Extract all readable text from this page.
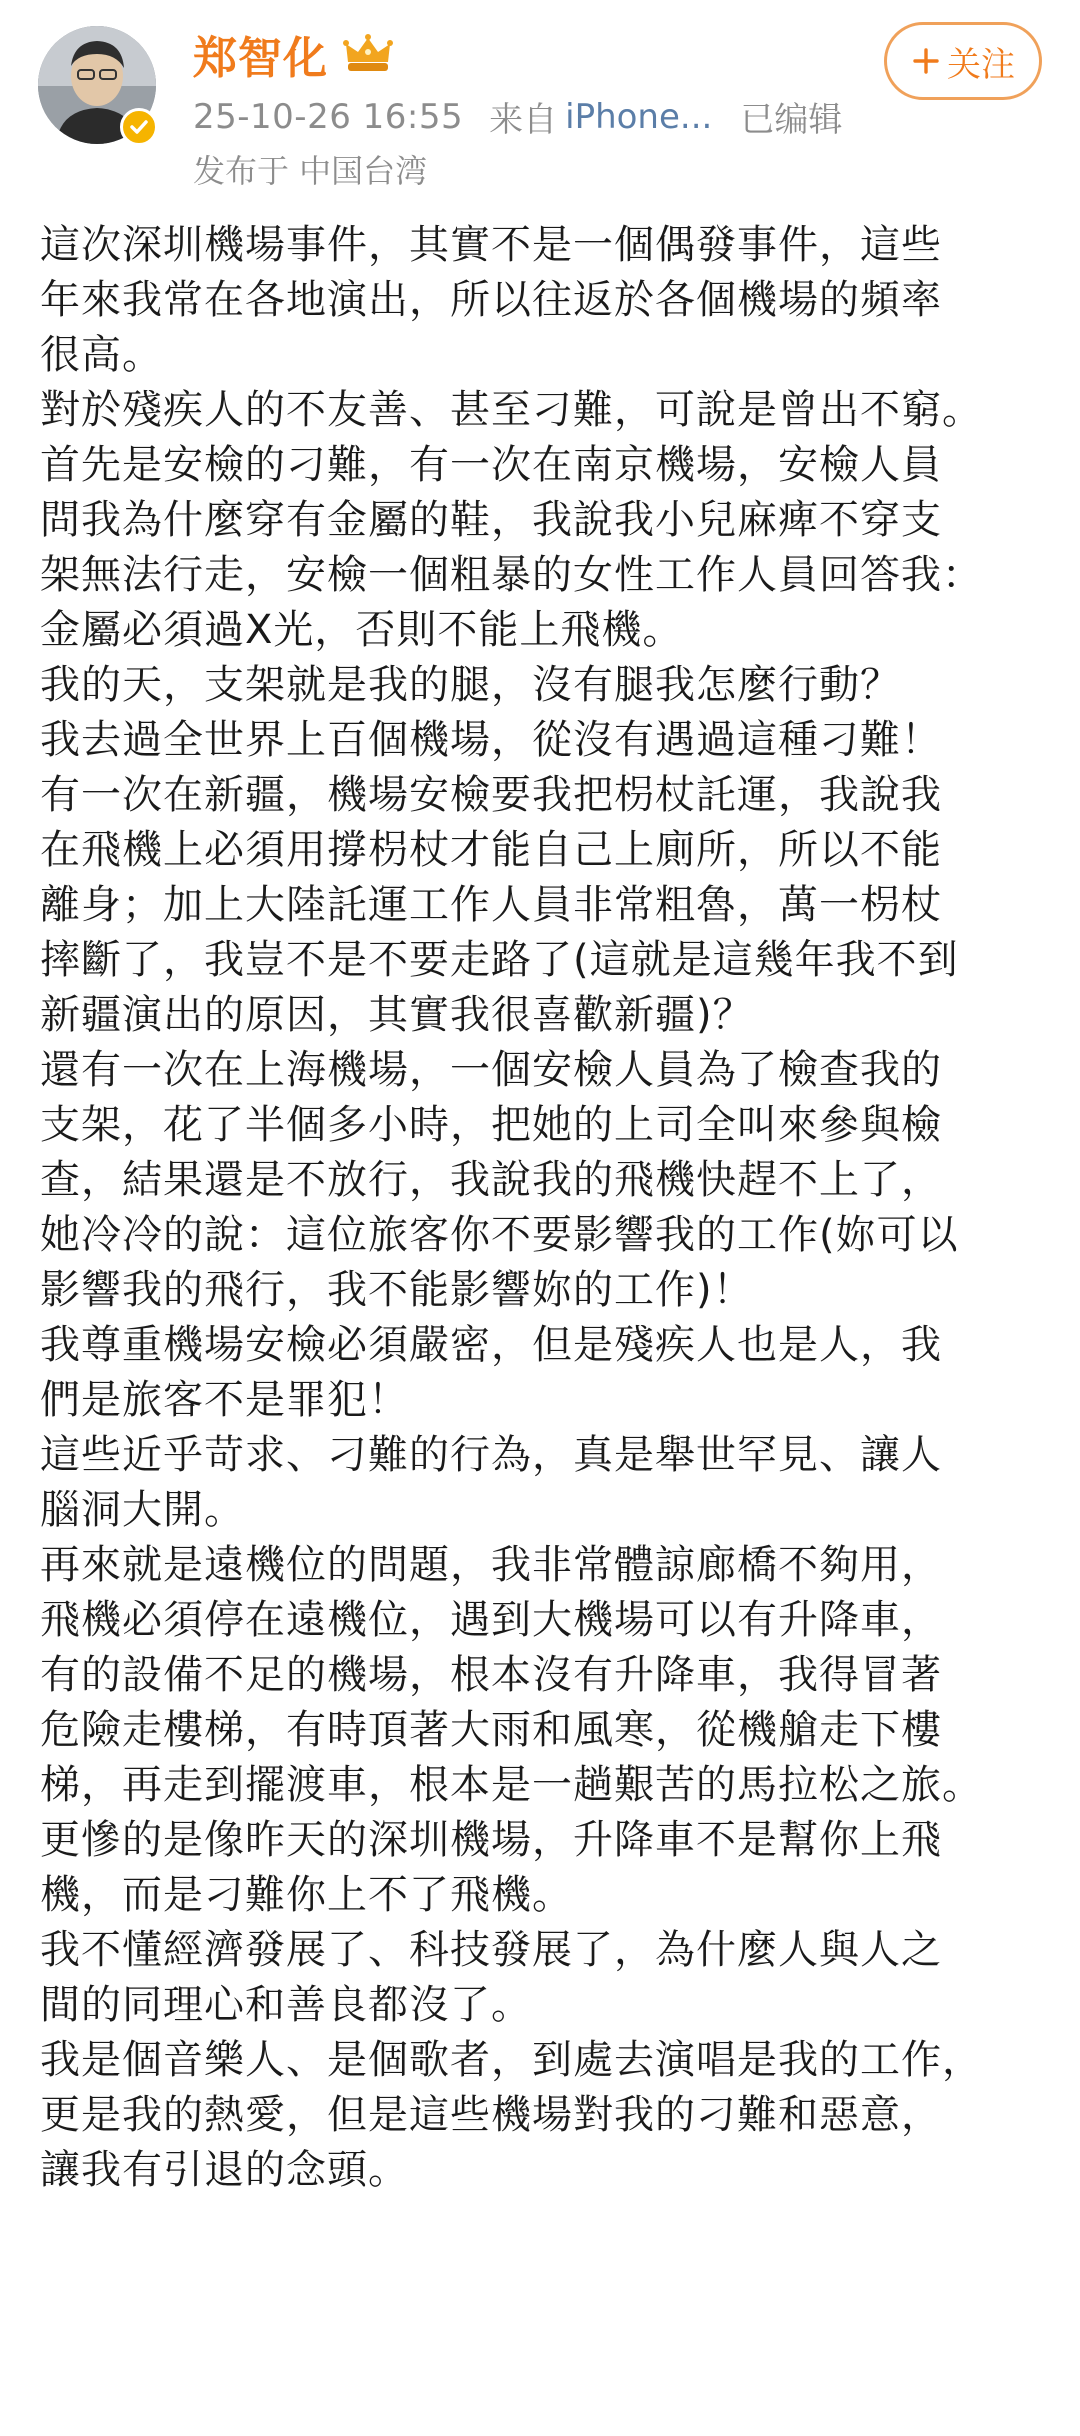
郑智化
25-10-26 16:55 来自 iPhone... 已编辑
发布于 中国台湾
关注

這次深圳機場事件，其實不是一個偶發事件，這些
年來我常在各地演出，所以往返於各個機場的頻率
很高。

對於殘疾人的不友善、甚至刁難，可說是曾出不窮。

首先是安檢的刁難，有一次在南京機場，安檢人員
問我為什麼穿有金屬的鞋，我說我小兒麻痺不穿支
架無法行走，安檢一個粗暴的女性工作人員回答我：
金屬必須過X光，否則不能上飛機。

我的天，支架就是我的腿，沒有腿我怎麼行動？

我去過全世界上百個機場，從沒有遇過這種刁難！

有一次在新疆，機場安檢要我把枴杖託運，我說我
在飛機上必須用撐枴杖才能自己上廁所，所以不能
離身；加上大陸託運工作人員非常粗魯，萬一枴杖
摔斷了，我豈不是不要走路了(這就是這幾年我不到
新疆演出的原因，其實我很喜歡新疆)？

還有一次在上海機場，一個安檢人員為了檢查我的
支架，花了半個多小時，把她的上司全叫來參與檢
查，結果還是不放行，我說我的飛機快趕不上了，
她冷冷的說：這位旅客你不要影響我的工作(妳可以
影響我的飛行，我不能影響妳的工作)！

我尊重機場安檢必須嚴密，但是殘疾人也是人，我
們是旅客不是罪犯！

這些近乎苛求、刁難的行為，真是舉世罕見、讓人
腦洞大開。

再來就是遠機位的問題，我非常體諒廊橋不夠用，
飛機必須停在遠機位，遇到大機場可以有升降車，
有的設備不足的機場，根本沒有升降車，我得冒著
危險走樓梯，有時頂著大雨和風寒，從機艙走下樓
梯，再走到擺渡車，根本是一趟艱苦的馬拉松之旅。

更慘的是像昨天的深圳機場，升降車不是幫你上飛
機，而是刁難你上不了飛機。

我不懂經濟發展了、科技發展了，為什麼人與人之
間的同理心和善良都沒了。

我是個音樂人、是個歌者，到處去演唱是我的工作，
更是我的熱愛，但是這些機場對我的刁難和惡意，
讓我有引退的念頭。
